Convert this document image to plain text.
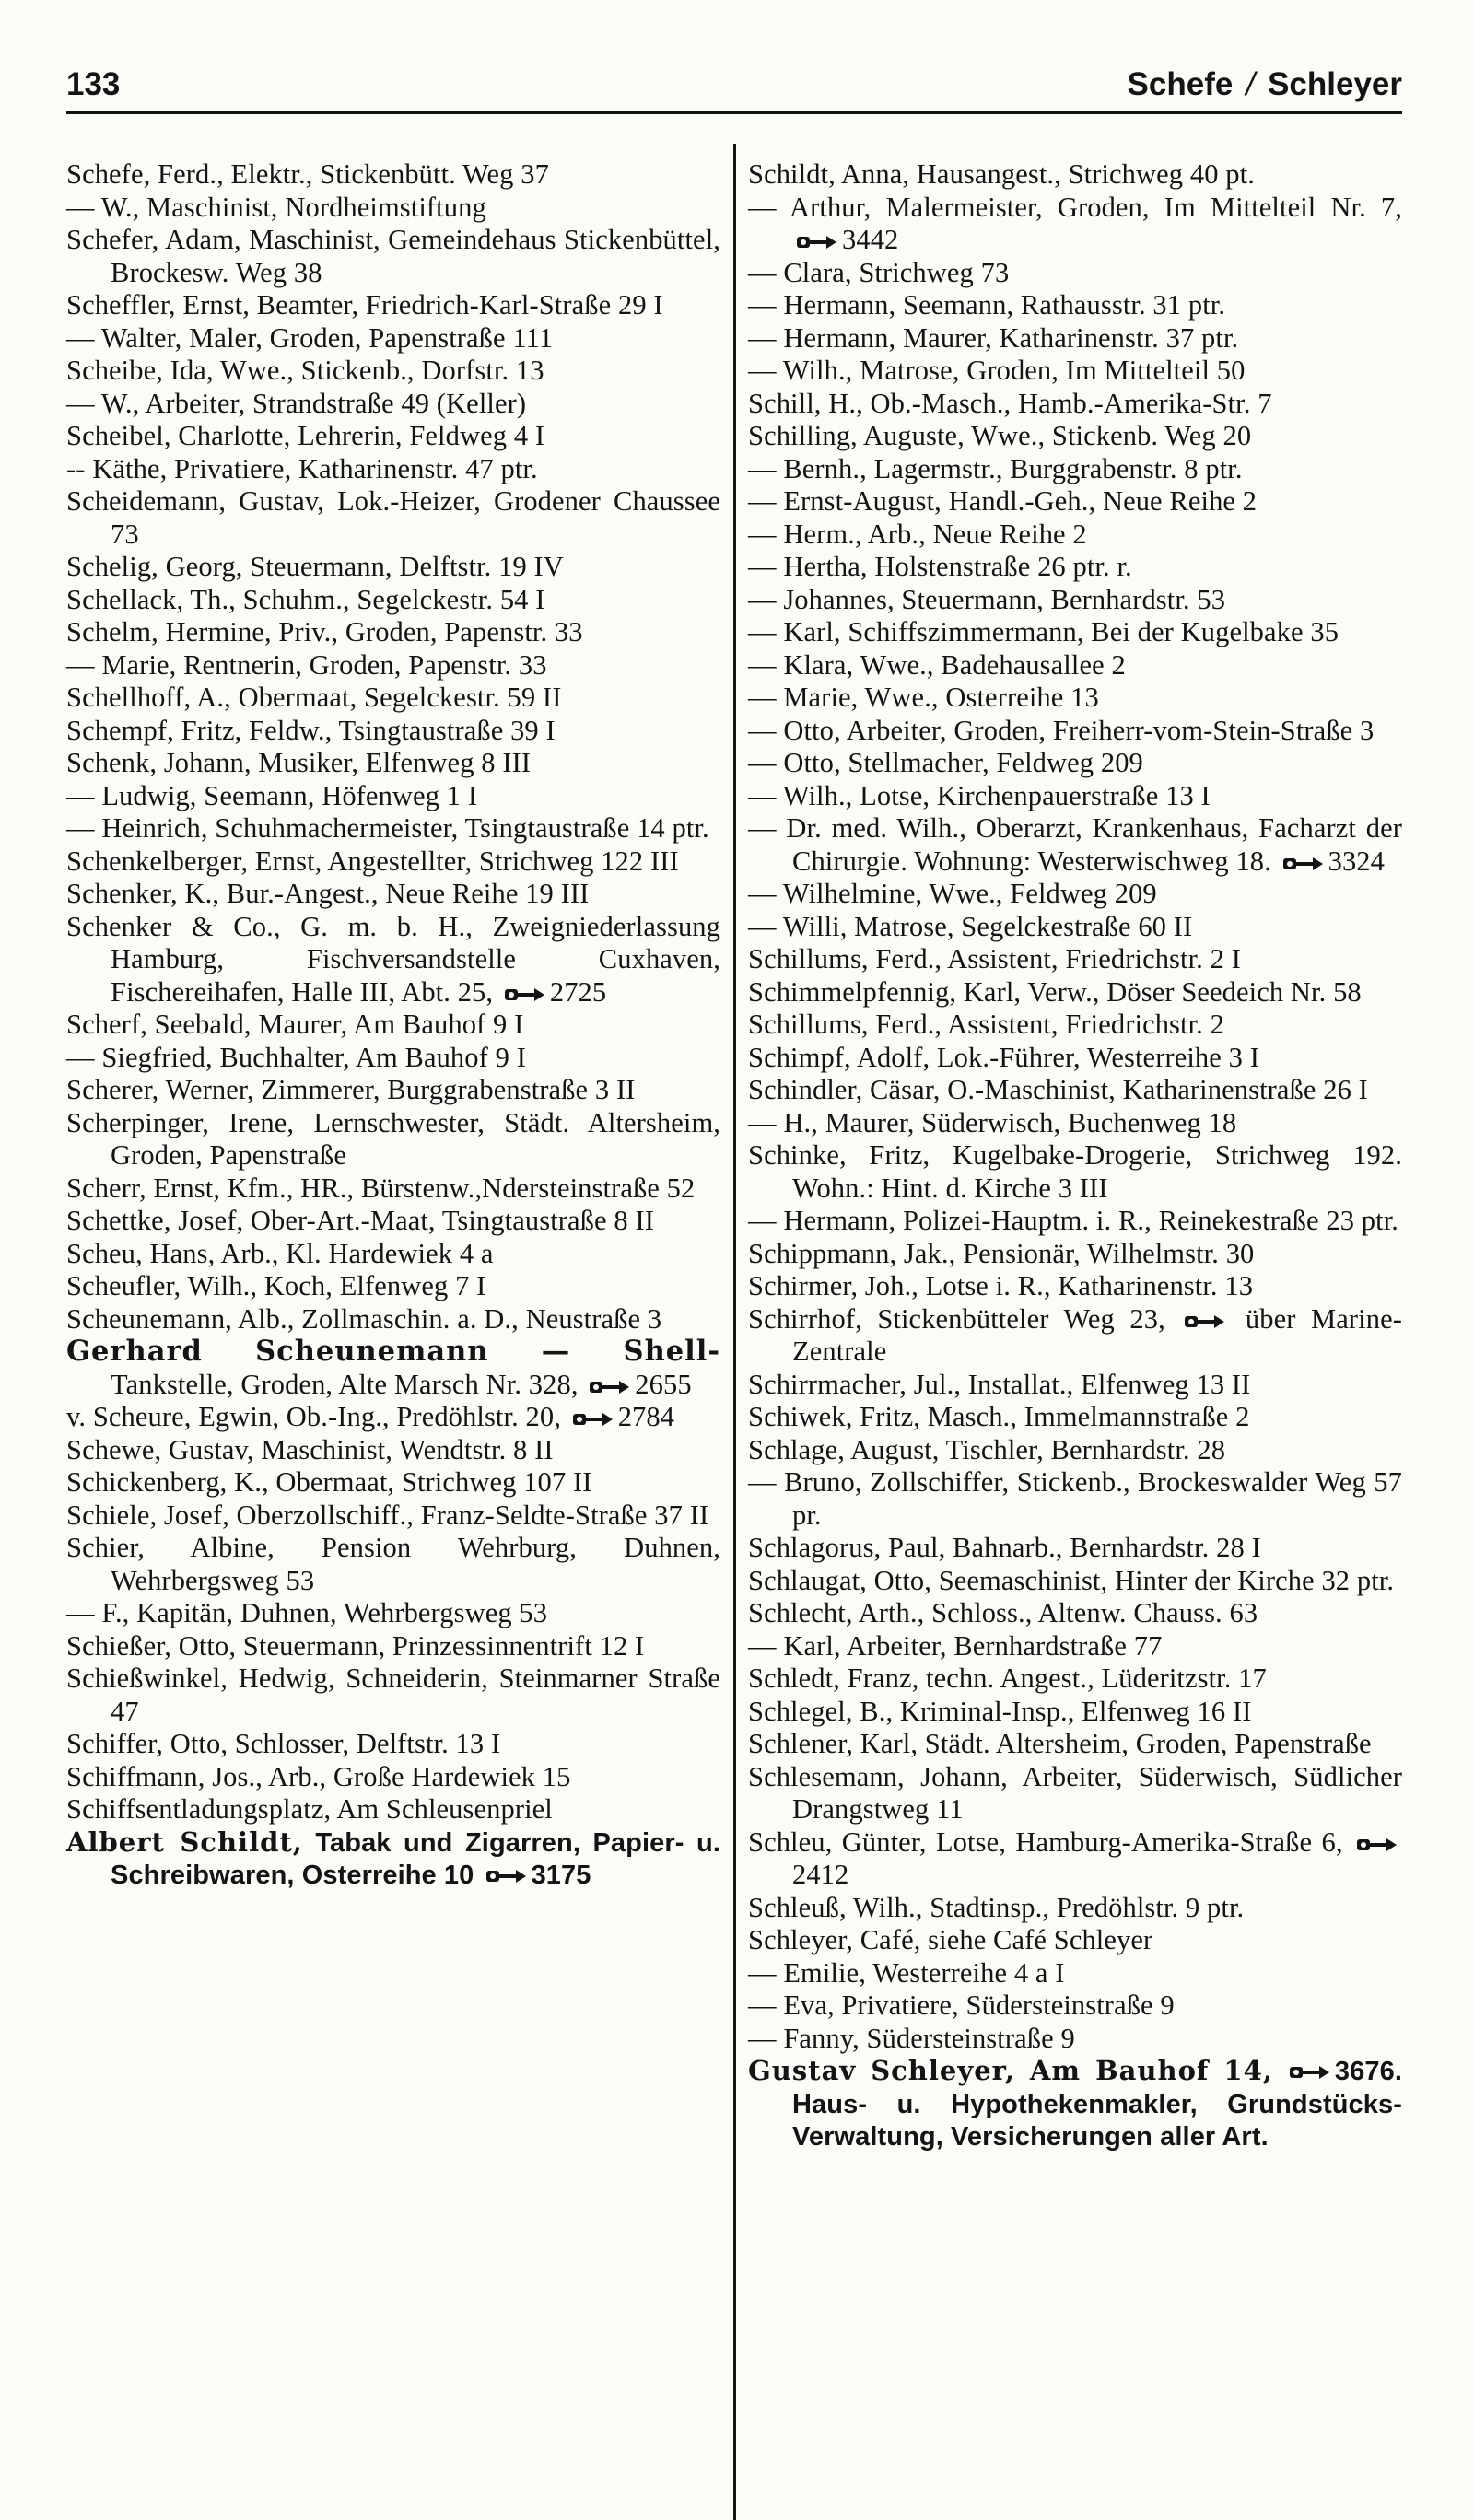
133	Schefe / Schleyer

Schefe, Ferd., Elektr., Stickenbütt. Weg 37

— W., Maschinist, Nordheimstiftung

Schefer, Adam, Maschinist, Gemeindehaus Stickenbüttel, Brockesw. Weg 38

Scheffler, Ernst, Beamter, Friedrich-Karl-Straße 29 I

— Walter, Maler, Groden, Papenstraße 111

Scheibe, Ida, Wwe., Stickenb., Dorfstr. 13

— W., Arbeiter, Strandstraße 49 (Keller)

Scheibel, Charlotte, Lehrerin, Feldweg 4 I

-- Käthe, Privatiere, Katharinenstr. 47 ptr.

Scheidemann, Gustav, Lok.-Heizer, Grodener Chaussee 73

Schelig, Georg, Steuermann, Delftstr. 19 IV

Schellack, Th., Schuhm., Segelckestr. 54 I

Schelm, Hermine, Priv., Groden, Papenstr. 33

— Marie, Rentnerin, Groden, Papenstr. 33

Schellhoff, A., Obermaat, Segelckestr. 59 II

Schempf, Fritz, Feldw., Tsingtaustraße 39 I

Schenk, Johann, Musiker, Elfenweg 8 III

— Ludwig, Seemann, Höfenweg 1 I

— Heinrich, Schuhmachermeister, Tsingtaustraße 14 ptr.

Schenkelberger, Ernst, Angestellter, Strichweg 122 III

Schenker, K., Bur.-Angest., Neue Reihe 19 III

Schenker & Co., G. m. b. H., Zweigniederlassung Hamburg, Fischversandstelle Cuxhaven, Fischereihafen, Halle III, Abt. 25, 2725

Scherf, Seebald, Maurer, Am Bauhof 9 I

— Siegfried, Buchhalter, Am Bauhof 9 I

Scherer, Werner, Zimmerer, Burggrabenstraße 3 II

Scherpinger, Irene, Lernschwester, Städt. Altersheim, Groden, Papenstraße

Scherr, Ernst, Kfm., HR., Bürstenw.,Ndersteinstraße 52

Schettke, Josef, Ober-Art.-Maat, Tsingtaustraße 8 II

Scheu, Hans, Arb., Kl. Hardewiek 4 a

Scheufler, Wilh., Koch, Elfenweg 7 I

Scheunemann, Alb., Zollmaschin. a. D., Neustraße 3

Gerhard Scheunemann — Shell- Tankstelle, Groden, Alte Marsch Nr. 328, 2655

v. Scheure, Egwin, Ob.-Ing., Predöhlstr. 20, 2784

Schewe, Gustav, Maschinist, Wendtstr. 8 II

Schickenberg, K., Obermaat, Strichweg 107 II

Schiele, Josef, Oberzollschiff., Franz-Seldte-Straße 37 II

Schier, Albine, Pension Wehrburg, Duhnen, Wehrbergsweg 53

— F., Kapitän, Duhnen, Wehrbergsweg 53

Schießer, Otto, Steuermann, Prinzessinnentrift 12 I

Schießwinkel, Hedwig, Schneiderin, Steinmarner Straße 47

Schiffer, Otto, Schlosser, Delftstr. 13 I

Schiffmann, Jos., Arb., Große Hardewiek 15

Schiffsentladungsplatz, Am Schleusenpriel

Albert Schildt, Tabak und Zigarren, Papier- u. Schreibwaren, Osterreihe 10 3175

Schildt, Anna, Hausangest., Strichweg 40 pt.

— Arthur, Malermeister, Groden, Im Mittelteil Nr. 7,
3442

— Clara, Strichweg 73

— Hermann, Seemann, Rathausstr. 31 ptr.

— Hermann, Maurer, Katharinenstr. 37 ptr.

— Wilh., Matrose, Groden, Im Mittelteil 50

Schill, H., Ob.-Masch., Hamb.-Amerika-Str. 7

Schilling, Auguste, Wwe., Stickenb. Weg 20

— Bernh., Lagermstr., Burggrabenstr. 8 ptr.

— Ernst-August, Handl.-Geh., Neue Reihe 2

— Herm., Arb., Neue Reihe 2

— Hertha, Holstenstraße 26 ptr. r.

— Johannes, Steuermann, Bernhardstr. 53

— Karl, Schiffszimmermann, Bei der Kugelbake 35

— Klara, Wwe., Badehausallee 2

— Marie, Wwe., Osterreihe 13

— Otto, Arbeiter, Groden, Freiherr-vom-Stein-Straße 3

— Otto, Stellmacher, Feldweg 209

— Wilh., Lotse, Kirchenpauerstraße 13 I

— Dr. med. Wilh., Oberarzt, Krankenhaus, Facharzt der Chirurgie. Wohnung: Westerwischweg 18. 3324

— Wilhelmine, Wwe., Feldweg 209

— Willi, Matrose, Segelckestraße 60 II

Schillums, Ferd., Assistent, Friedrichstr. 2 I

Schimmelpfennig, Karl, Verw., Döser Seedeich Nr. 58

Schillums, Ferd., Assistent, Friedrichstr. 2

Schimpf, Adolf, Lok.-Führer, Westerreihe 3 I

Schindler, Cäsar, O.-Maschinist, Katharinenstraße 26 I

— H., Maurer, Süderwisch, Buchenweg 18

Schinke, Fritz, Kugelbake-Drogerie, Strichweg 192. Wohn.: Hint. d. Kirche 3 III

— Hermann, Polizei-Hauptm. i. R., Reinekestraße 23 ptr.

Schippmann, Jak., Pensionär, Wilhelmstr. 30

Schirmer, Joh., Lotse i. R., Katharinenstr. 13

Schirrhof, Stickenbütteler Weg 23,	über Marine-Zentrale

Schirrmacher, Jul., Installat., Elfenweg 13 II

Schiwek, Fritz, Masch., Immelmannstraße 2

Schlage, August, Tischler, Bernhardstr. 28

— Bruno, Zollschiffer, Stickenb., Brockeswalder Weg 57 pr.

Schlagorus, Paul, Bahnarb., Bernhardstr. 28 I

Schlaugat, Otto, Seemaschinist, Hinter der Kirche 32 ptr.

Schlecht, Arth., Schloss., Altenw. Chauss. 63

— Karl, Arbeiter, Bernhardstraße 77

Schledt, Franz, techn. Angest., Lüderitzstr. 17

Schlegel, B., Kriminal-Insp., Elfenweg 16 II

Schlener, Karl, Städt. Altersheim, Groden, Papenstraße

Schlesemann, Johann, Arbeiter, Süderwisch, Südlicher Drangstweg 11

Schleu, Günter, Lotse, Hamburg-Amerika-Straße 6,
2412

Schleuß, Wilh., Stadtinsp., Predöhlstr. 9 ptr.

Schleyer, Café, siehe Café Schleyer

— Emilie, Westerreihe 4 a I

— Eva, Privatiere, Südersteinstraße 9

— Fanny, Südersteinstraße 9

Gustav Schleyer, Am Bauhof 14, 3676. Haus- u. Hypothekenmakler, Grundstücks-Verwaltung, Versicherungen aller Art.
